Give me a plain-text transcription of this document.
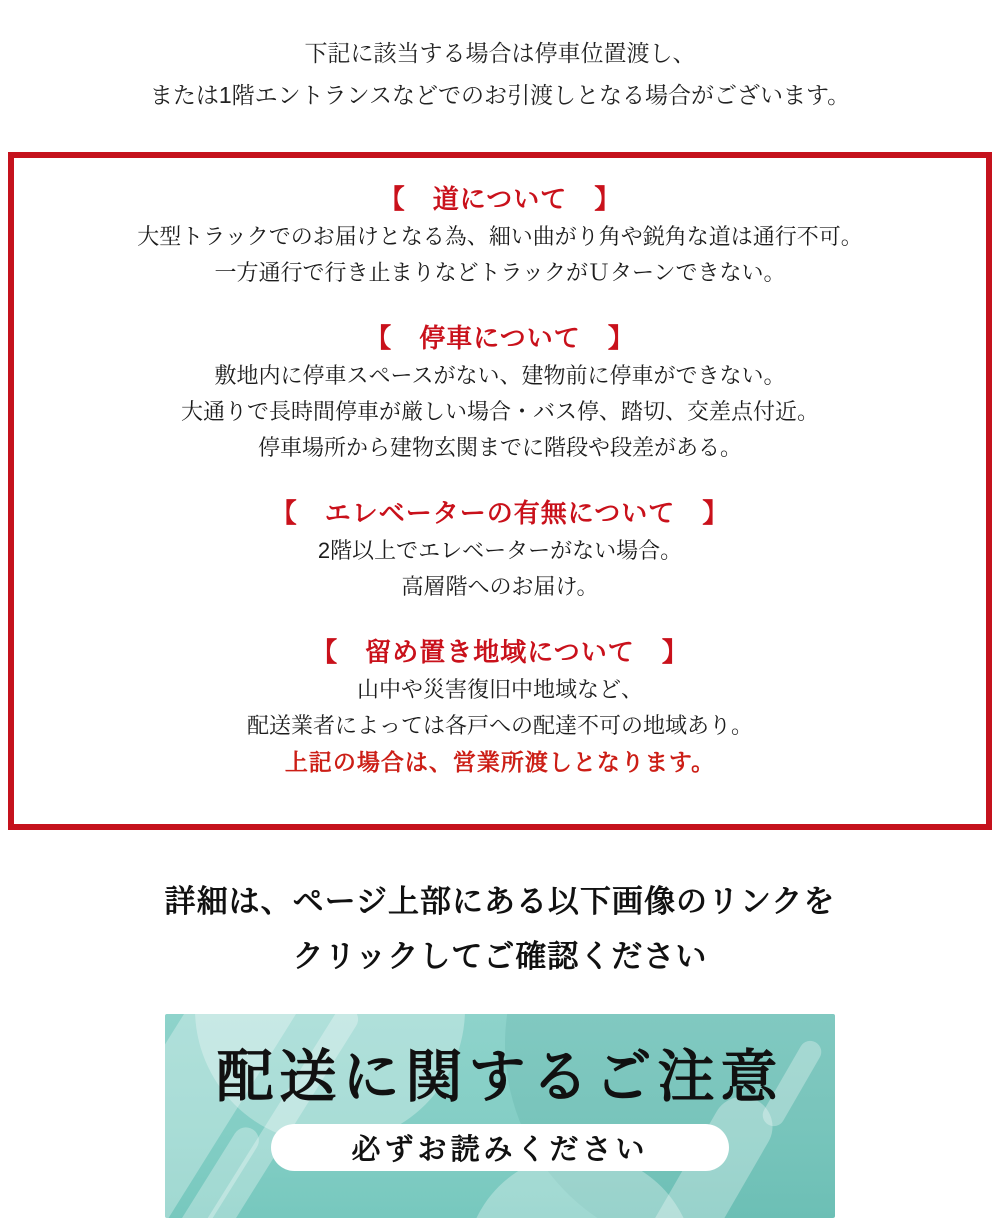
下記に該当する場合は停車位置渡し、
または1階エントランスなどでのお引渡しとなる場合がございます。
【　道について　】
大型トラックでのお届けとなる為、細い曲がり角や鋭角な道は通行不可。
一方通行で行き止まりなどトラックがＵターンできない。
【　停車について　】
敷地内に停車スペースがない、建物前に停車ができない。
大通りで長時間停車が厳しい場合・バス停、踏切、交差点付近。
停車場所から建物玄関までに階段や段差がある。
【　エレベーターの有無について　】
2階以上でエレベーターがない場合。
高層階へのお届け。
【　留め置き地域について　】
山中や災害復旧中地域など、
配送業者によっては各戸への配達不可の地域あり。
上記の場合は、営業所渡しとなります。
詳細は、ページ上部にある以下画像のリンクを
クリックしてご確認ください
配送に関するご注意
必ずお読みください
